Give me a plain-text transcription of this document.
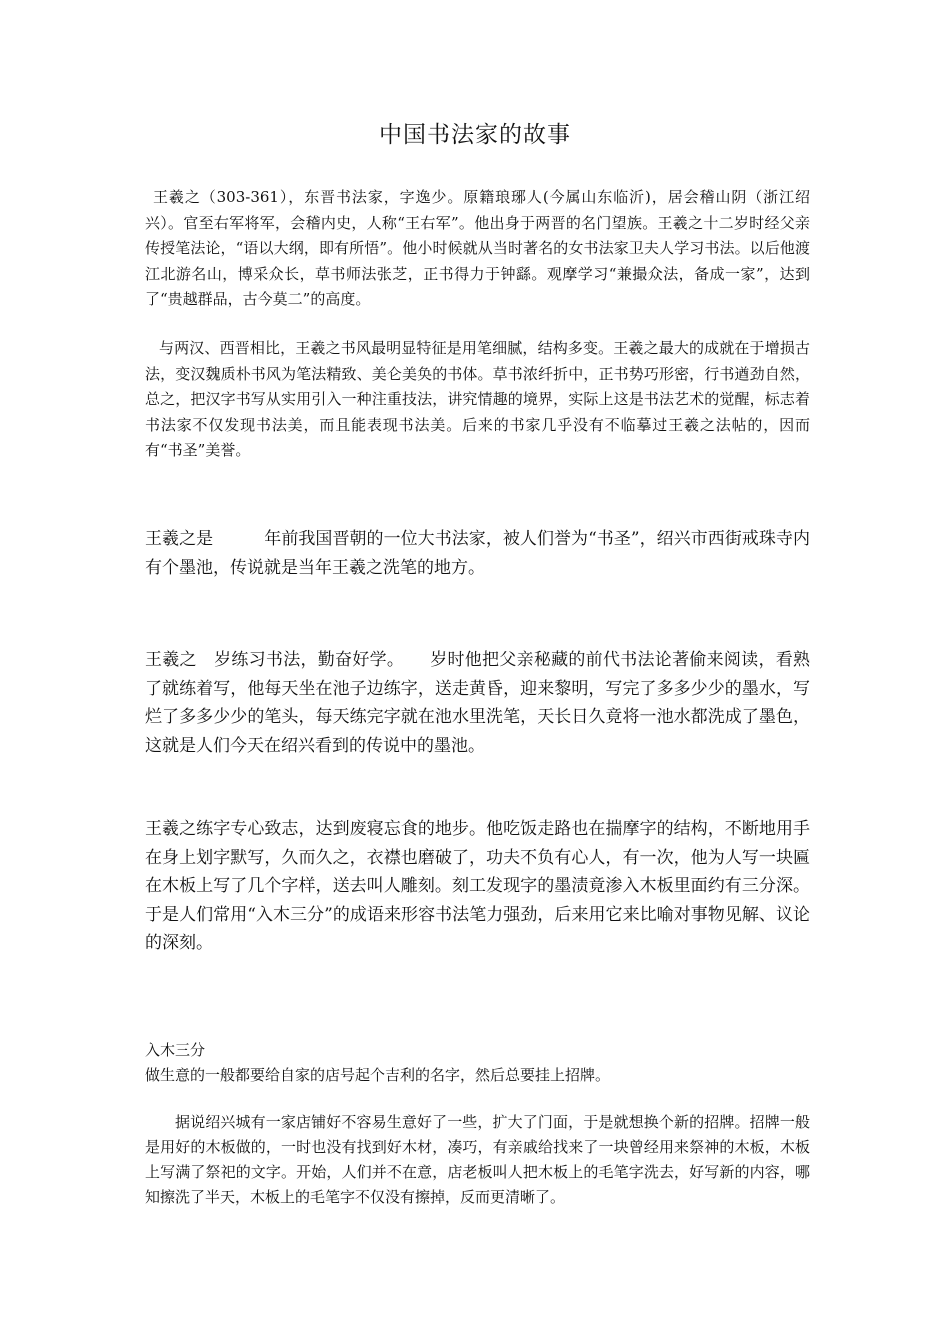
中国书法家的故事

王羲之（303-361），东晋书法家，字逸少。原籍琅琊人(今属山东临沂)，居会稽山阴（浙江绍兴）。官至右军将军，会稽内史，人称“王右军”。他出身于两晋的名门望族。王羲之十二岁时经父亲传授笔法论，“语以大纲，即有所悟”。他小时候就从当时著名的女书法家卫夫人学习书法。以后他渡江北游名山，博采众长，草书师法张芝，正书得力于钟繇。观摩学习“兼撮众法，备成一家”，达到了“贵越群品，古今莫二”的高度。

与两汉、西晋相比，王羲之书风最明显特征是用笔细腻，结构多变。王羲之最大的成就在于增损古法，变汉魏质朴书风为笔法精致、美仑美奂的书体。草书浓纤折中，正书势巧形密，行书遒劲自然，总之，把汉字书写从实用引入一种注重技法，讲究情趣的境界，实际上这是书法艺术的觉醒，标志着书法家不仅发现书法美，而且能表现书法美。后来的书家几乎没有不临摹过王羲之法帖的，因而有“书圣”美誉。

王羲之是　　　年前我国晋朝的一位大书法家，被人们誉为“书圣”，绍兴市西街戒珠寺内有个墨池，传说就是当年王羲之洗笔的地方。

王羲之　岁练习书法，勤奋好学。　　岁时他把父亲秘藏的前代书法论著偷来阅读，看熟了就练着写，他每天坐在池子边练字，送走黄昏，迎来黎明，写完了多多少少的墨水，写烂了多多少少的笔头，每天练完字就在池水里洗笔，天长日久竟将一池水都洗成了墨色，这就是人们今天在绍兴看到的传说中的墨池。

王羲之练字专心致志，达到废寝忘食的地步。他吃饭走路也在揣摩字的结构，不断地用手在身上划字默写，久而久之，衣襟也磨破了，功夫不负有心人，有一次，他为人写一块匾在木板上写了几个字样，送去叫人雕刻。刻工发现字的墨渍竟渗入木板里面约有三分深。于是人们常用“入木三分”的成语来形容书法笔力强劲，后来用它来比喻对事物见解、议论的深刻。

入木三分

做生意的一般都要给自家的店号起个吉利的名字，然后总要挂上招牌。

据说绍兴城有一家店铺好不容易生意好了一些，扩大了门面，于是就想换个新的招牌。招牌一般是用好的木板做的，一时也没有找到好木材，凑巧，有亲戚给找来了一块曾经用来祭神的木板，木板上写满了祭祀的文字。开始，人们并不在意，店老板叫人把木板上的毛笔字洗去，好写新的内容，哪知擦洗了半天，木板上的毛笔字不仅没有擦掉，反而更清晰了。
